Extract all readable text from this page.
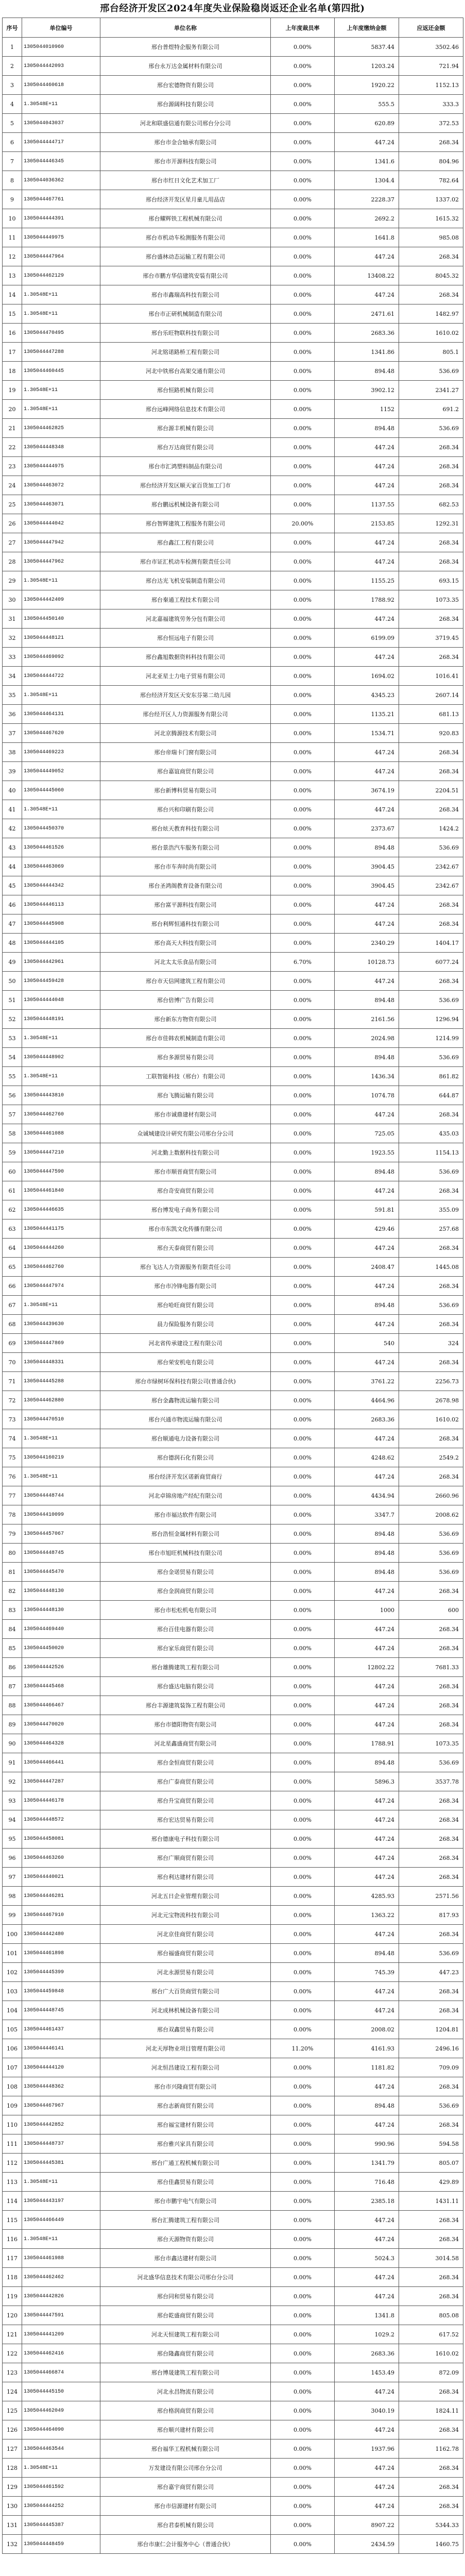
邢台经济开发区2024年度失业保险稳岗返还企业名单(第四批)
序号	单位编号	单位名称	上年度裁员率	上年度缴纳金额	应返还金额
1	1305044010960	邢台普煜特企服务有限公司	0.00%	5837.44	3502.46
2	1305044442093	邢台永万达金属材料有限公司	0.00%	1203.24	721.94
3	1305044460618	邢台宏德物资有限公司	0.00%	1920.22	1152.13
4	1.30548E+11	邢台源阔科技有限公司	0.00%	555.5	333.3
5	1305044043037	河北和联盛信通有限公司邢台分公司	0.00%	620.89	372.53
6	1305044444717	邢台市金合轴承有限公司	0.00%	447.24	268.34
7	1305044446345	邢台市开源科技有限公司	0.00%	1341.6	804.96
8	1305044036362	邢台市红日文化艺术加工厂	0.00%	1304.4	782.64
9	1305044467761	邢台经济开发区星月童儿用品店	0.00%	2228.37	1337.02
10	1305044444391	邢台耀辉铁工程机械有限公司	0.00%	2692.2	1615.32
11	1305044449975	邢台市机动车检测服务有限公司	0.00%	1641.8	985.08
12	1305044447964	邢台盛林动态运输工程有限公司	0.00%	447.24	268.34
13	1305044462129	邢台市鹏方华信建筑安装有限公司	0.00%	13408.22	8045.32
14	1.30548E+11	邢台市鑫瑞高科技有限公司	0.00%	447.24	268.34
15	1.30548E+11	邢台市正研机械制造有限公司	0.00%	2471.61	1482.97
16	1305044470495	邢台乐旺物联科技有限公司	0.00%	2683.36	1610.02
17	1305044447288	河北铭诺路桥工程有限公司	0.00%	1341.86	805.1
18	1305044460445	河北中铁邢台高架交通有限公司	0.00%	894.48	536.69
19	1.30548E+11	邢台恒路机械有限公司	0.00%	3902.12	2341.27
20	1.30548E+11	邢台远峰网络信息技术有限公司	0.00%	1152	691.2
21	1305044462825	邢台源丰机械有限公司	0.00%	894.48	536.69
22	1305044448348	邢台万达商贸有限公司	0.00%	447.24	268.34
23	1305044444975	邢台市汇鸿塑料制品有限公司	0.00%	447.24	268.34
24	1305044463072	邢台经济开发区顺天家百货加工门市	0.00%	447.24	268.34
25	1305044463071	邢台鹏远机械设备有限公司	0.00%	1137.55	682.53
26	1305044444042	邢台智辉建筑工程服务有限公司	20.00%	2153.85	1292.31
27	1305044447942	邢台鑫江工程有限公司	0.00%	447.24	268.34
28	1305044447962	邢台市证汇机动车检测有限责任公司	0.00%	447.24	268.34
29	1.30548E+11	邢台达光飞机安装制造有限公司	0.00%	1155.25	693.15
30	1305044442409	邢台秦通工程技术有限公司	0.00%	1788.92	1073.35
31	1305044450140	河北嘉福建筑劳务分包有限公司	0.00%	447.24	268.34
32	1305044448121	邢台恒远电子有限公司	0.00%	6199.09	3719.45
33	1305044469092	邢台鑫旭数据资料科技有限公司	0.00%	447.24	268.34
34	1305044444722	河北亚星士力电子贸易有限公司	0.00%	1694.02	1016.41
35	1.30548E+11	邢台经济开发区天安东芬第二幼儿园	0.00%	4345.23	2607.14
36	1305044464131	邢台经开区人力资源服务有限公司	0.00%	1135.21	681.13
37	1305044467620	河北京腾源技术有限公司	0.00%	1534.71	920.83
38	1305044469223	邢台帝瑞卡门窗有限公司	0.00%	447.24	268.34
39	1305044449052	邢台嘉谊商贸有限公司	0.00%	447.24	268.34
40	1305044445060	邢台新博科贸易有限公司	0.00%	3674.19	2204.51
41	1.30548E+11	邢台兴和印刷有限公司	0.00%	447.24	268.34
42	1305044450370	邢台炫天教育科技有限公司	0.00%	2373.67	1424.2
43	1305044461526	邢台景浩汽车服务有限公司	0.00%	894.48	536.69
44	1305044463069	邢台市车奔时尚有限公司	0.00%	3904.45	2342.67
45	1305044444342	邢台圣鸿阁教育设备有限公司	0.00%	3904.45	2342.67
46	1305044446113	邢台富平源科技有限公司	0.00%	447.24	268.34
47	1305044445908	邢台利辉恒通科技有限公司	0.00%	447.24	268.34
48	1305044444105	邢台高天大科技有限公司	0.00%	2340.29	1404.17
49	1305044442961	河北太太乐食品有限公司	6.70%	10128.73	6077.24
50	1305044459428	邢台市天信网建筑工程有限公司	0.00%	447.24	268.34
51	1305044444048	邢台倍博广告有限公司	0.00%	894.48	536.69
52	1305044448191	邢台新东方物资有限公司	0.00%	2161.56	1296.94
53	1.30548E+11	邢台市佳韩农机械制造有限公司	0.00%	2024.98	1214.99
54	1305044448902	邢台多源贸易有限公司	0.00%	894.48	536.69
55	1.30548E+11	工联智能科技（邢台）有限公司	0.00%	1436.34	861.82
56	1305044443810	邢台飞腾运输有限公司	0.00%	1074.78	644.87
57	1305044462760	邢台市诚鼎建材有限公司	0.00%	447.24	268.34
58	1305044461088	众诚城建设计研究有限公司邢台分公司	0.00%	725.05	435.03
59	1305044447210	河北勤上数据科技有限公司	0.00%	1923.55	1154.13
60	1305044447590	邢台市顺晋商贸有限公司	0.00%	894.48	536.69
61	1305044461840	邢台奇安商贸有限公司	0.00%	447.24	268.34
62	1305044446635	邢台博发电子商务有限公司	0.00%	591.81	355.09
63	1305044441175	邢台市东凯文化传播有限公司	0.00%	429.46	257.68
64	1305044444260	邢台天泰商贸有限公司	0.00%	447.24	268.34
65	1305044462760	邢台飞达人力资源服务有限责任公司	0.00%	2408.47	1445.08
66	1305044447974	邢台市冷锋电器有限公司	0.00%	447.24	268.34
67	1.30548E+11	邢台哈旺商贸有限公司	0.00%	894.48	536.69
68	1305044439630	晨力保险服务有限公司	0.00%	447.24	268.34
69	1305044447869	河北省传承建设工程有限公司	0.00%	540	324
70	1305044448331	邢台荣安机电有限公司	0.00%	447.24	268.34
71	1305044445288	邢台市绿树环保科技有限公司(普通合伙)	0.00%	3761.22	2256.73
72	1305044462880	邢台金鑫物流运输有限公司	0.00%	4464.96	2678.98
73	1305044470510	邢台兴通市物流运输有限公司	0.00%	2683.36	1610.02
74	1.30548E+11	邢台顺通电力设备有限公司	0.00%	447.24	268.34
75	1305044160219	邢台德润石化有限公司	0.00%	4248.62	2549.2
76	1.30548E+11	邢台经济开发区诺新商贸商行	0.00%	447.24	268.34
77	1305044448744	河北卓锦房地产经纪有限公司	0.00%	4434.94	2660.96
78	1305044410099	邢台市福达软件有限公司	0.00%	3347.7	2008.62
79	1305044457067	邢台浩恒金属材料有限公司	0.00%	894.48	536.69
80	1305044448745	邢台市旭旺机械科技有限公司	0.00%	894.48	536.69
81	1305044445470	邢台金诺贸易有限公司	0.00%	894.48	536.69
82	1305044448130	邢台金润商贸有限公司	0.00%	447.24	268.34
83	1305044448130	邢台市松松机电有限公司	0.00%	1000	600
84	1305044469440	邢台百佳电器有限公司	0.00%	447.24	268.34
85	1305044450020	邢台家乐商贸有限公司	0.00%	447.24	268.34
86	1305044442526	邢台雄腾建筑工程有限公司	0.00%	12802.22	7681.33
87	1305044445468	邢台盛达电脑有限公司	0.00%	447.24	268.34
88	1305044466467	邢台丰源建筑装饰工程有限公司	0.00%	447.24	268.34
89	1305044470020	邢台市德阳物资有限公司	0.00%	447.24	268.34
90	1305044464328	河北星鑫盛商贸有限公司	0.00%	1788.91	1073.35
91	1305044466441	邢台金恒商贸有限公司	0.00%	894.48	536.69
92	1305044447287	邢台广泰商贸有限公司	0.00%	5896.3	3537.78
93	1305044446178	邢台升宝商贸有限公司	0.00%	447.24	268.34
94	1305044448572	邢台宏达贸易有限公司	0.00%	447.24	268.34
95	1305044458081	邢台德康电子科技有限公司	0.00%	447.24	268.34
96	1305044463260	邢台广顺商贸有限公司	0.00%	447.24	268.34
97	1305044440021	邢台利达建材有限公司	0.00%	447.24	268.34
98	1305044446281	河北五日企业管理有限公司	0.00%	4285.93	2571.56
99	1305044467910	河北元宝物流科技有限公司	0.00%	1363.22	817.93
100	1305044442480	河北京佳商贸有限公司	0.00%	447.24	268.34
101	1305044461898	邢台福盛商贸有限公司	0.00%	894.48	536.69
102	1305044445399	河北永源贸易有限公司	0.00%	745.39	447.23
103	1305044459848	邢台广大百货商贸有限公司	0.00%	447.24	268.34
104	1305044448745	河北成林机械设备有限公司	0.00%	447.24	268.34
105	1305044461437	邢台双鑫贸易有限公司	0.00%	2008.02	1204.81
106	1305044446141	河北天厚物业项目管理有限公司	11.20%	4161.93	2496.16
107	1305044444120	河北恒昌建设工程有限公司	0.00%	1181.82	709.09
108	1305044448362	邢台市兴隆商贸有限公司	0.00%	447.24	268.34
109	1305044467967	邢台志新商贸有限公司	0.00%	894.48	536.69
110	1305044442852	邢台福宝建材有限公司	0.00%	447.24	268.34
111	1305044448737	邢台雅兴家具有限公司	0.00%	990.96	594.58
112	1305044445381	邢台广通工程机械有限公司	0.00%	1341.79	805.07
113	1.30548E+11	邢台佳鑫贸易有限公司	0.00%	716.48	429.89
114	1305044443197	邢台市鹏宇电气有限公司	0.00%	2385.18	1431.11
115	1305044466449	邢台汇腾建筑工程有限公司	0.00%	447.24	268.34
116	1.30548E+11	邢台天源物资有限公司	0.00%	447.24	268.34
117	1305044461988	邢台市鑫达建材有限公司	0.00%	5024.3	3014.58
118	1305044462462	河北盛华信息技术有限公司邢台分公司	0.00%	447.24	268.34
119	1305044442826	邢台同和贸易有限公司	0.00%	447.24	268.34
120	1305044447591	邢台乾盛商贸有限公司	0.00%	1341.8	805.08
121	1305044441209	河北天恒建筑工程有限公司	0.00%	1029.2	617.52
122	1305044462416	邢台隆鑫商贸有限公司	0.00%	2683.36	1610.02
123	1305044466874	邢台博晟建筑工程有限公司	0.00%	1453.49	872.09
124	1305044445150	河北永昌物流有限公司	0.00%	447.24	268.34
125	1305044462049	邢台格润商贸有限公司	0.00%	3040.19	1824.11
126	1305044464090	邢台顺兴建材有限公司	0.00%	447.24	268.34
127	1305044463544	邢台福华工程机械有限公司	0.00%	1937.96	1162.78
128	1.30548E+11	万发建设有限公司邢台分公司	0.00%	447.24	268.34
129	1305044461592	邢台嘉宇商贸有限公司	0.00%	447.24	268.34
130	1305044444252	邢台市信源建材有限公司	0.00%	447.24	268.34
131	1305044445387	邢台君泰机械有限公司	0.00%	8907.22	5344.33
132	1305044448459	邢台市康仁会计服务中心（普通合伙）	0.00%	2434.59	1460.75
